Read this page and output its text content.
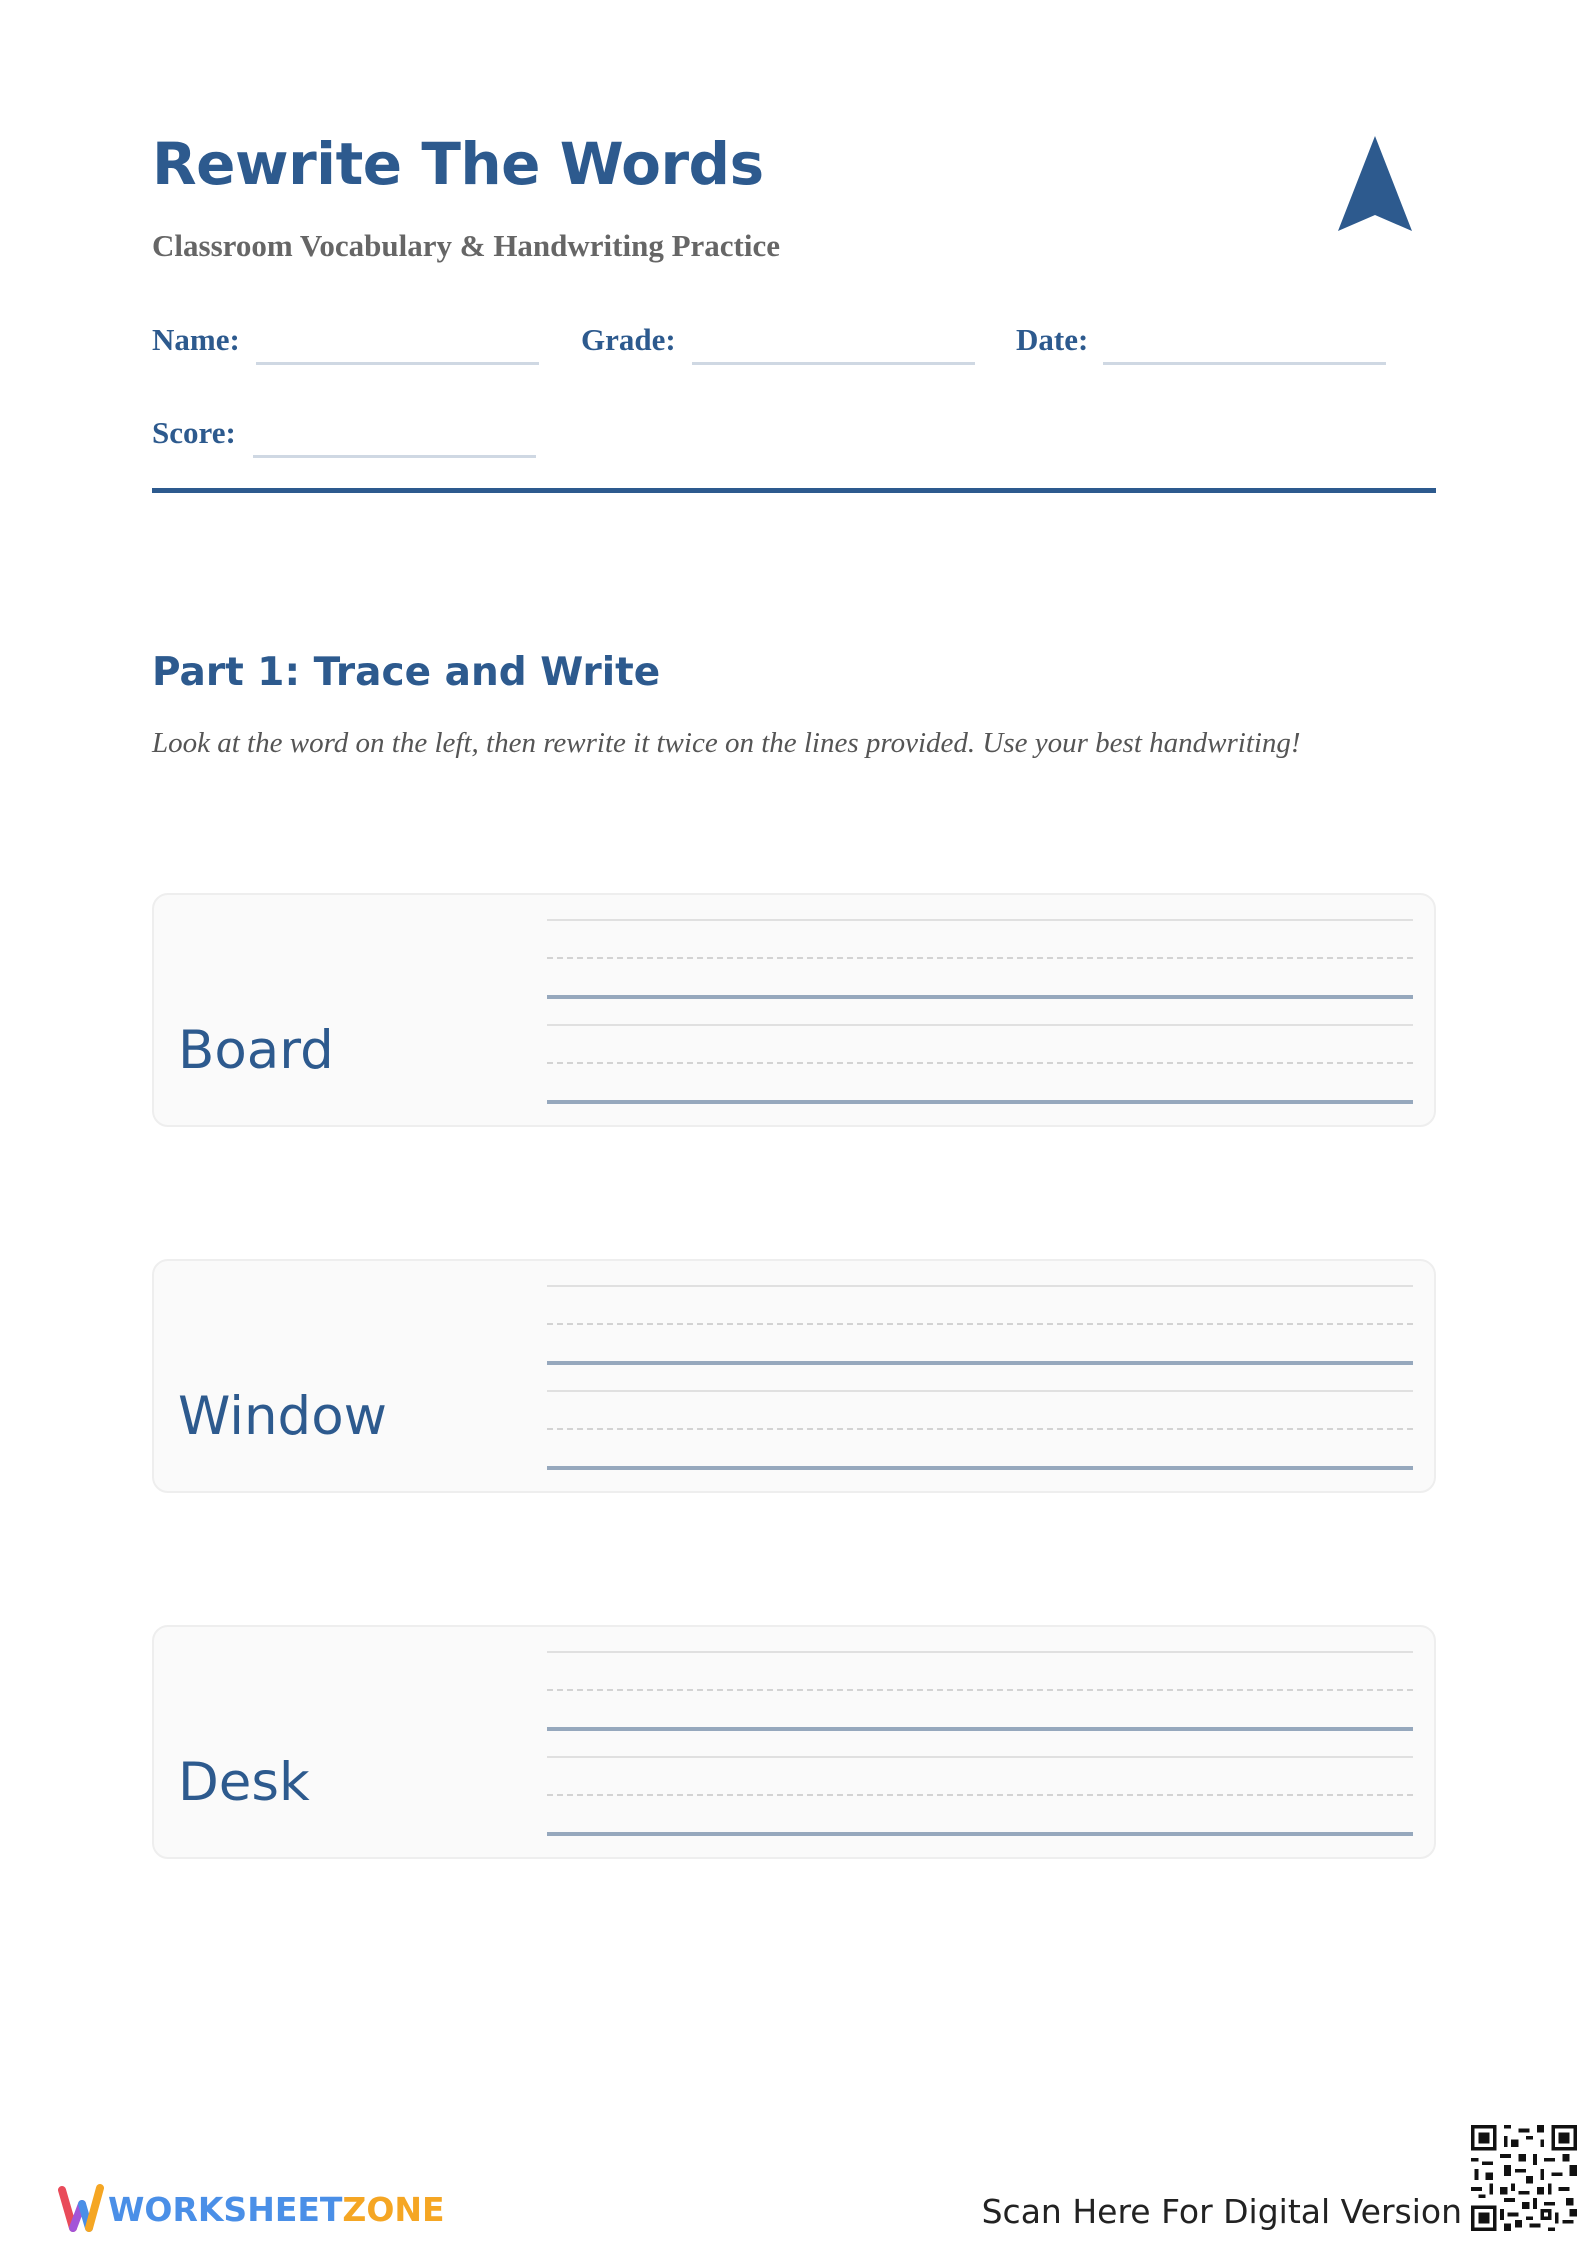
Rewrite The Words
Classroom Vocabulary & Handwriting Practice
Name:	Grade:	Date:
Score:
Part 1: Trace and Write
Look at the word on the left, then rewrite it twice on the lines provided. Use your best handwriting!
Board
Window
Desk
WORKSHEETZONE	Scan Here For Digital Version
